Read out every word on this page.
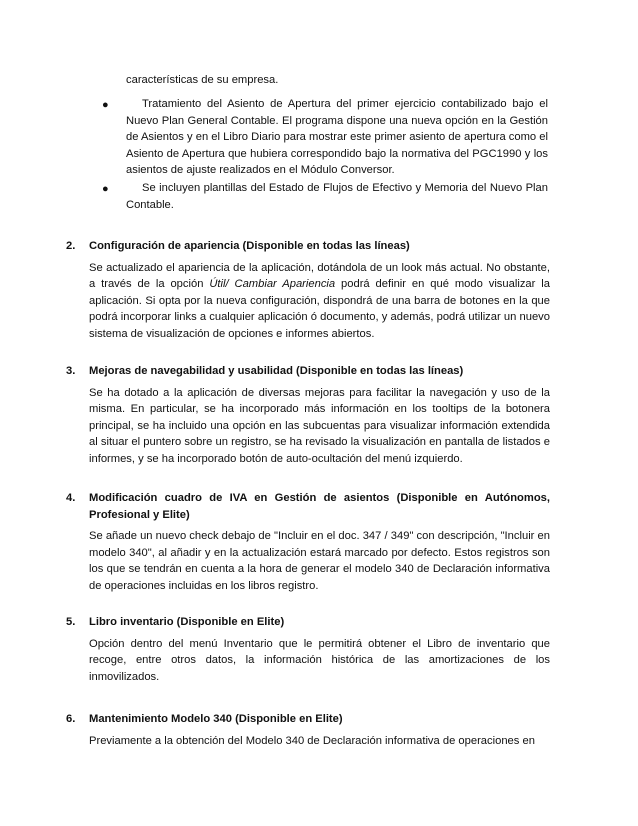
características de su empresa.
●	Tratamiento del Asiento de Apertura del primer ejercicio contabilizado bajo el Nuevo Plan General Contable. El programa dispone una nueva opción en la Gestión de Asientos y en el Libro Diario para mostrar este primer asiento de apertura como el Asiento de Apertura que hubiera correspondido bajo la normativa del PGC1990 y los asientos de ajuste realizados en el Módulo Conversor.
●	Se incluyen plantillas del Estado de Flujos de Efectivo y Memoria del Nuevo Plan Contable.
2.	Configuración de apariencia (Disponible en todas las líneas)
Se actualizado el apariencia de la aplicación, dotándola de un look más actual. No obstante, a través de la opción Útil/ Cambiar Apariencia podrá definir en qué modo visualizar la aplicación. Si opta por la nueva configuración, dispondrá de una barra de botones en la que podrá incorporar links a cualquier aplicación ó documento, y además, podrá utilizar un nuevo sistema de visualización de opciones e informes abiertos.
3.	Mejoras de navegabilidad y usabilidad (Disponible en todas las líneas)
Se ha dotado a la aplicación de diversas mejoras para facilitar la navegación y uso de la misma. En particular, se ha incorporado más información en los tooltips de la botonera principal, se ha incluido una opción en las subcuentas para visualizar información extendida al situar el puntero sobre un registro, se ha revisado la visualización en pantalla de listados e informes, y se ha incorporado botón de auto-ocultación del menú izquierdo.
4.	Modificación cuadro de IVA en Gestión de asientos (Disponible en Autónomos, Profesional y Elite)
Se añade un nuevo check debajo de "Incluir en el doc. 347 / 349" con descripción, "Incluir en modelo 340", al añadir y en la actualización estará marcado por defecto. Estos registros son los que se tendrán en cuenta a la hora de generar el modelo 340 de Declaración informativa de operaciones incluidas en los libros registro.
5.	Libro inventario (Disponible en Elite)
Opción dentro del menú Inventario que le permitirá obtener el Libro de inventario que recoge, entre otros datos, la información histórica de las amortizaciones de los inmovilizados.
6.	Mantenimiento Modelo 340 (Disponible en Elite)
Previamente a la obtención del Modelo 340 de Declaración informativa de operaciones en
